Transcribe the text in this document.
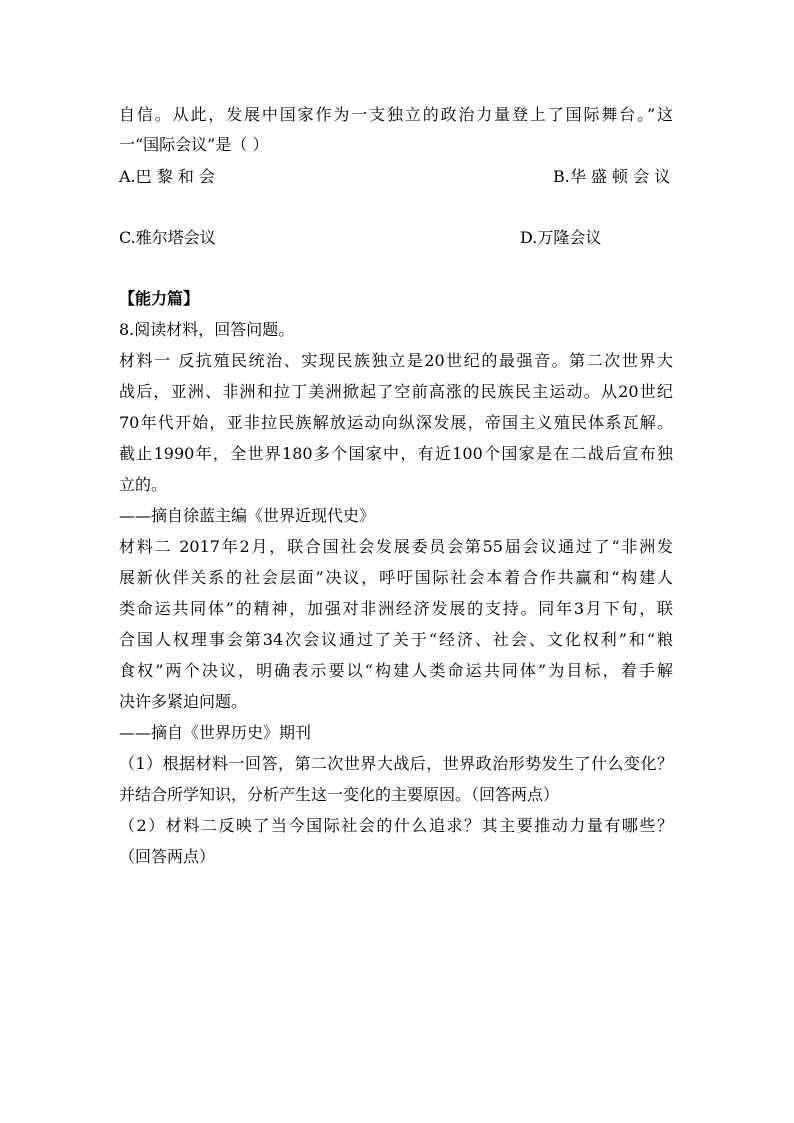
自信。从此，发展中国家作为一支独立的政治力量登上了国际舞台。”这
一“国际会议”是（ ）
A.巴 黎 和 会	B.华 盛 顿 会 议
C.雅尔塔会议	D.万隆会议
【能力篇】
8.阅读材料，回答问题。
材料一 反抗殖民统治、实现民族独立是20世纪的最强音。第二次世界大
战后，亚洲、非洲和拉丁美洲掀起了空前高涨的民族民主运动。从20世纪
70年代开始，亚非拉民族解放运动向纵深发展，帝国主义殖民体系瓦解。
截止1990年，全世界180多个国家中，有近100个国家是在二战后宣布独
立的。
——摘自徐蓝主编《世界近现代史》
材料二 2017年2月，联合国社会发展委员会第55届会议通过了“非洲发
展新伙伴关系的社会层面”决议，呼吁国际社会本着合作共赢和“构建人
类命运共同体”的精神，加强对非洲经济发展的支持。同年3月下旬，联
合国人权理事会第34次会议通过了关于“经济、社会、文化权利”和“粮
食权”两个决议，明确表示要以“构建人类命运共同体”为目标，着手解
决许多紧迫问题。
——摘自《世界历史》期刊
（1）根据材料一回答，第二次世界大战后，世界政治形势发生了什么变化？
并结合所学知识，分析产生这一变化的主要原因。（回答两点）
（2）材料二反映了当今国际社会的什么追求？其主要推动力量有哪些？
（回答两点）
